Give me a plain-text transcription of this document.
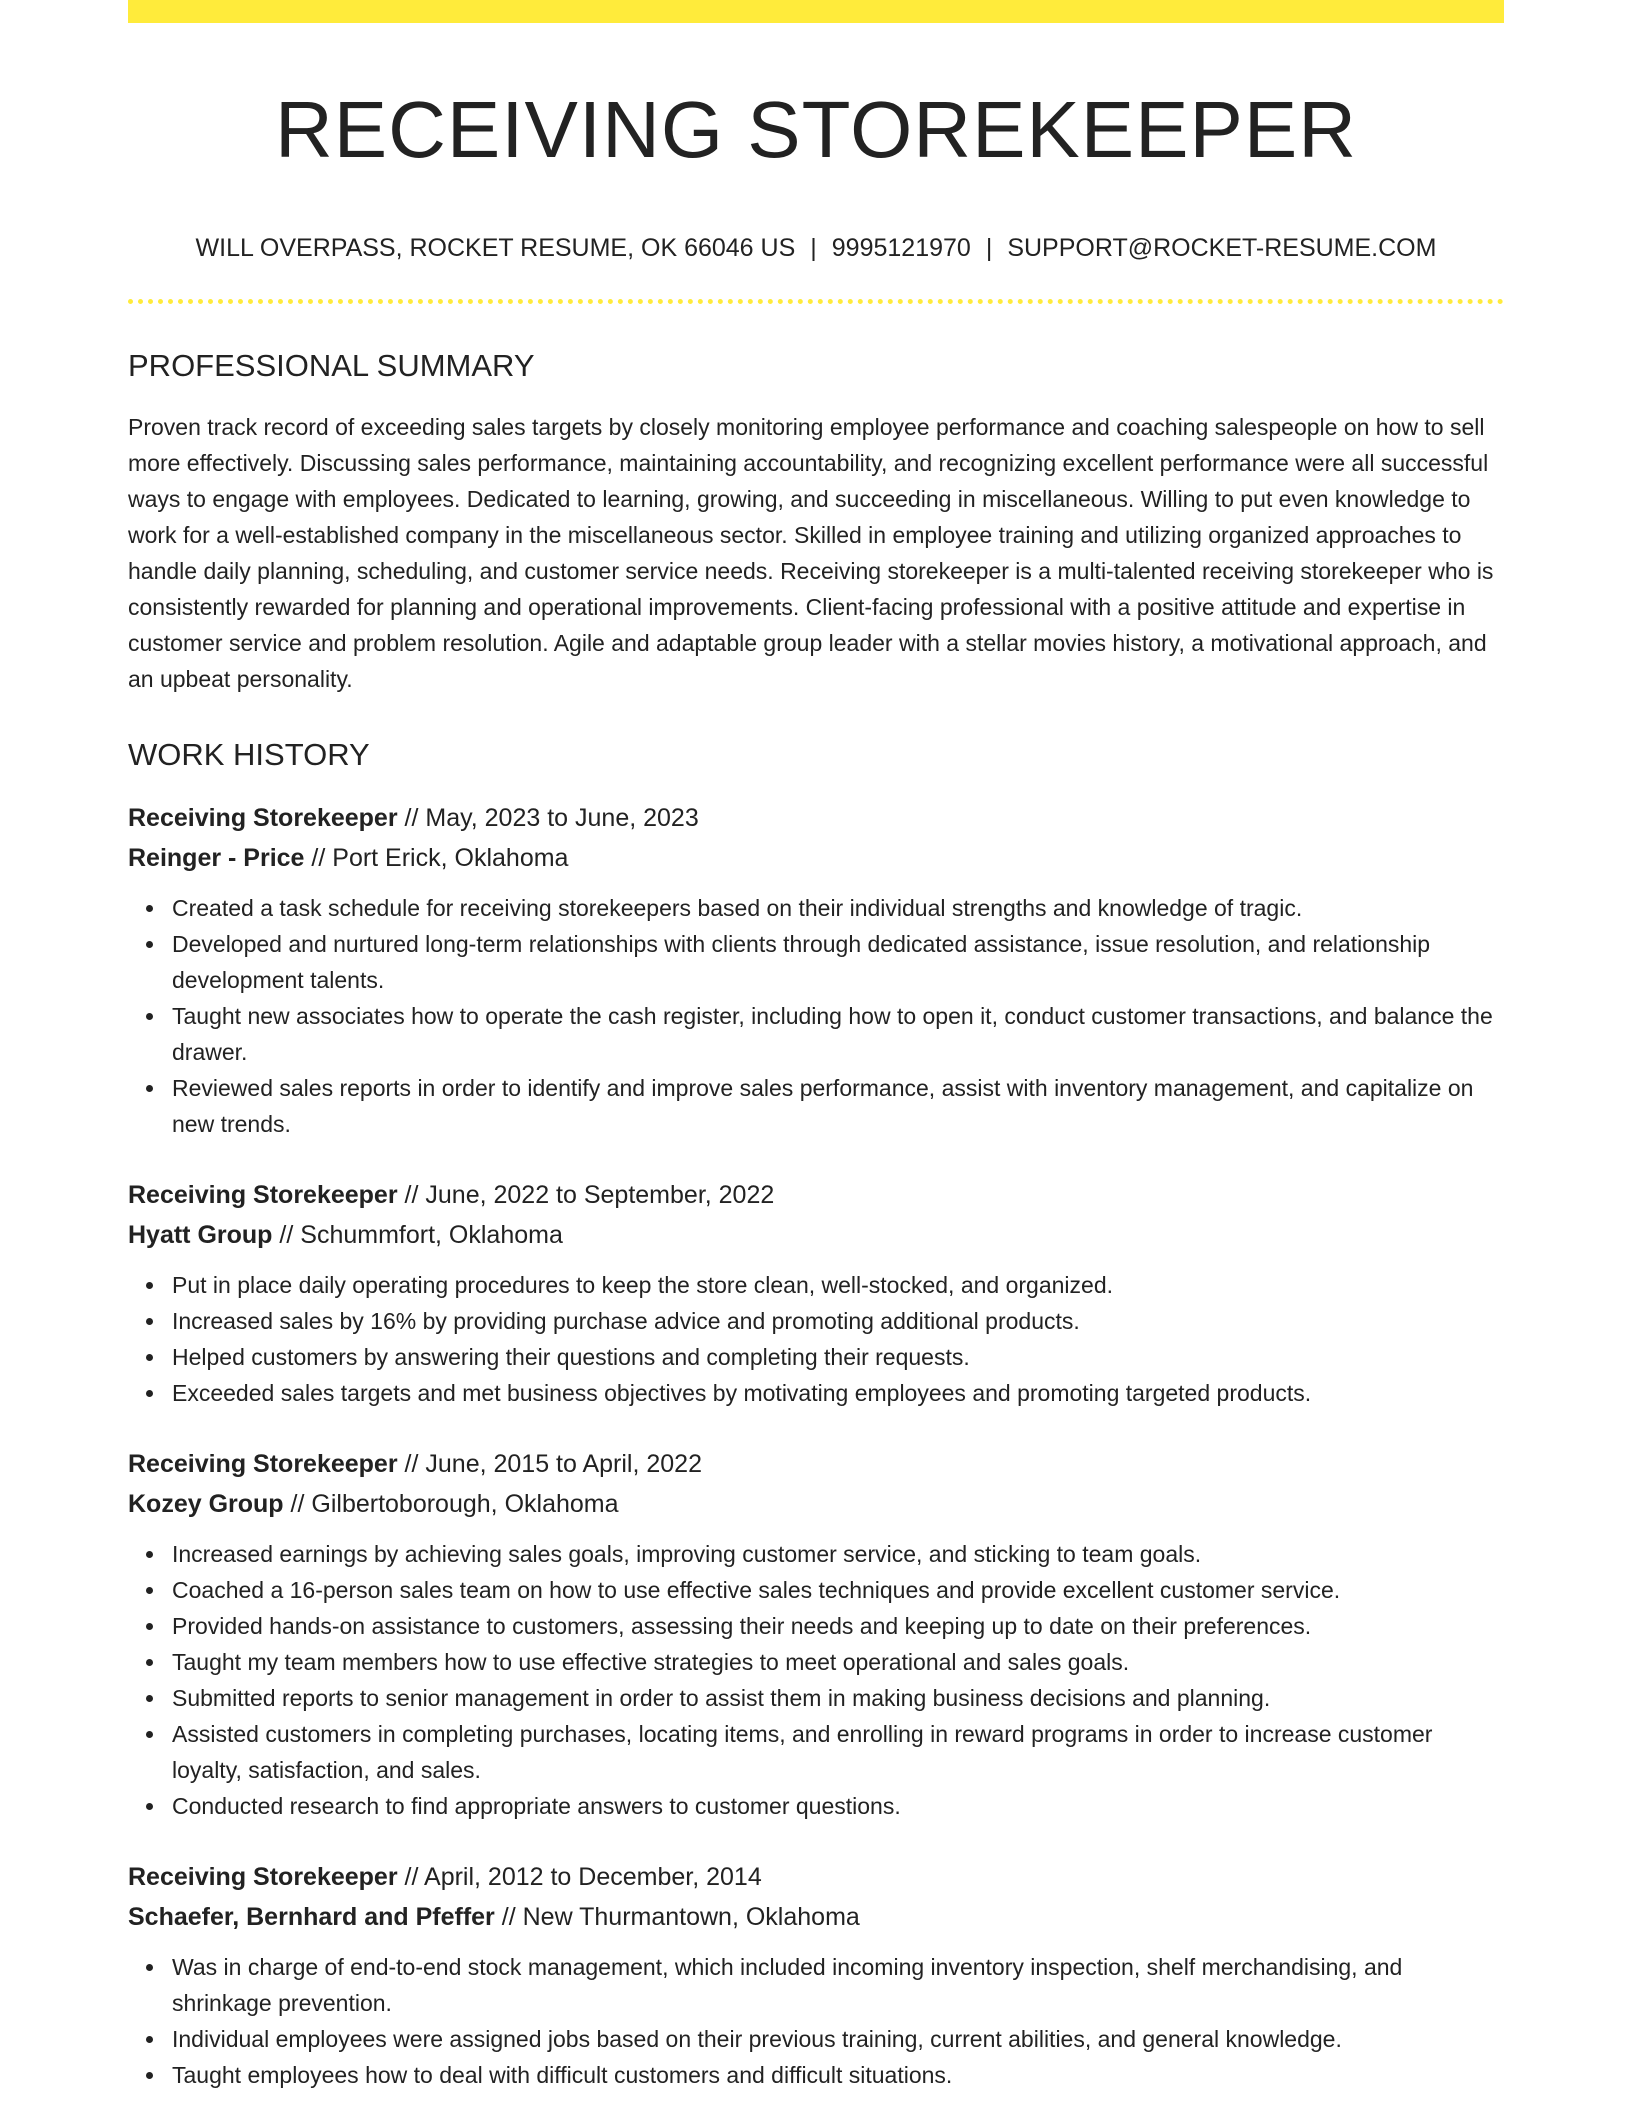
RECEIVING STOREKEEPER
WILL OVERPASS, ROCKET RESUME, OK 66046 US | 9995121970 | SUPPORT@ROCKET-RESUME.COM
PROFESSIONAL SUMMARY

Proven track record of exceeding sales targets by closely monitoring employee performance and coaching salespeople on how to sell more effectively. Discussing sales performance, maintaining accountability, and recognizing excellent performance were all successful ways to engage with employees. Dedicated to learning, growing, and succeeding in miscellaneous. Willing to put even knowledge to work for a well-established company in the miscellaneous sector. Skilled in employee training and utilizing organized approaches to handle daily planning, scheduling, and customer service needs. Receiving storekeeper is a multi-talented receiving storekeeper who is consistently rewarded for planning and operational improvements. Client-facing professional with a positive attitude and expertise in customer service and problem resolution. Agile and adaptable group leader with a stellar movies history, a motivational approach, and an upbeat personality.

WORK HISTORY
Receiving Storekeeper // May, 2023 to June, 2023
Reinger - Price // Port Erick, Oklahoma
Created a task schedule for receiving storekeepers based on their individual strengths and knowledge of tragic.
Developed and nurtured long-term relationships with clients through dedicated assistance, issue resolution, and relationship development talents.
Taught new associates how to operate the cash register, including how to open it, conduct customer transactions, and balance the drawer.
Reviewed sales reports in order to identify and improve sales performance, assist with inventory management, and capitalize on new trends.
Receiving Storekeeper // June, 2022 to September, 2022
Hyatt Group // Schummfort, Oklahoma
Put in place daily operating procedures to keep the store clean, well-stocked, and organized.
Increased sales by 16% by providing purchase advice and promoting additional products.
Helped customers by answering their questions and completing their requests.
Exceeded sales targets and met business objectives by motivating employees and promoting targeted products.
Receiving Storekeeper // June, 2015 to April, 2022
Kozey Group // Gilbertoborough, Oklahoma
Increased earnings by achieving sales goals, improving customer service, and sticking to team goals.
Coached a 16-person sales team on how to use effective sales techniques and provide excellent customer service.
Provided hands-on assistance to customers, assessing their needs and keeping up to date on their preferences.
Taught my team members how to use effective strategies to meet operational and sales goals.
Submitted reports to senior management in order to assist them in making business decisions and planning.
Assisted customers in completing purchases, locating items, and enrolling in reward programs in order to increase customer loyalty, satisfaction, and sales.
Conducted research to find appropriate answers to customer questions.
Receiving Storekeeper // April, 2012 to December, 2014
Schaefer, Bernhard and Pfeffer // New Thurmantown, Oklahoma
Was in charge of end-to-end stock management, which included incoming inventory inspection, shelf merchandising, and shrinkage prevention.
Individual employees were assigned jobs based on their previous training, current abilities, and general knowledge.
Taught employees how to deal with difficult customers and difficult situations.
